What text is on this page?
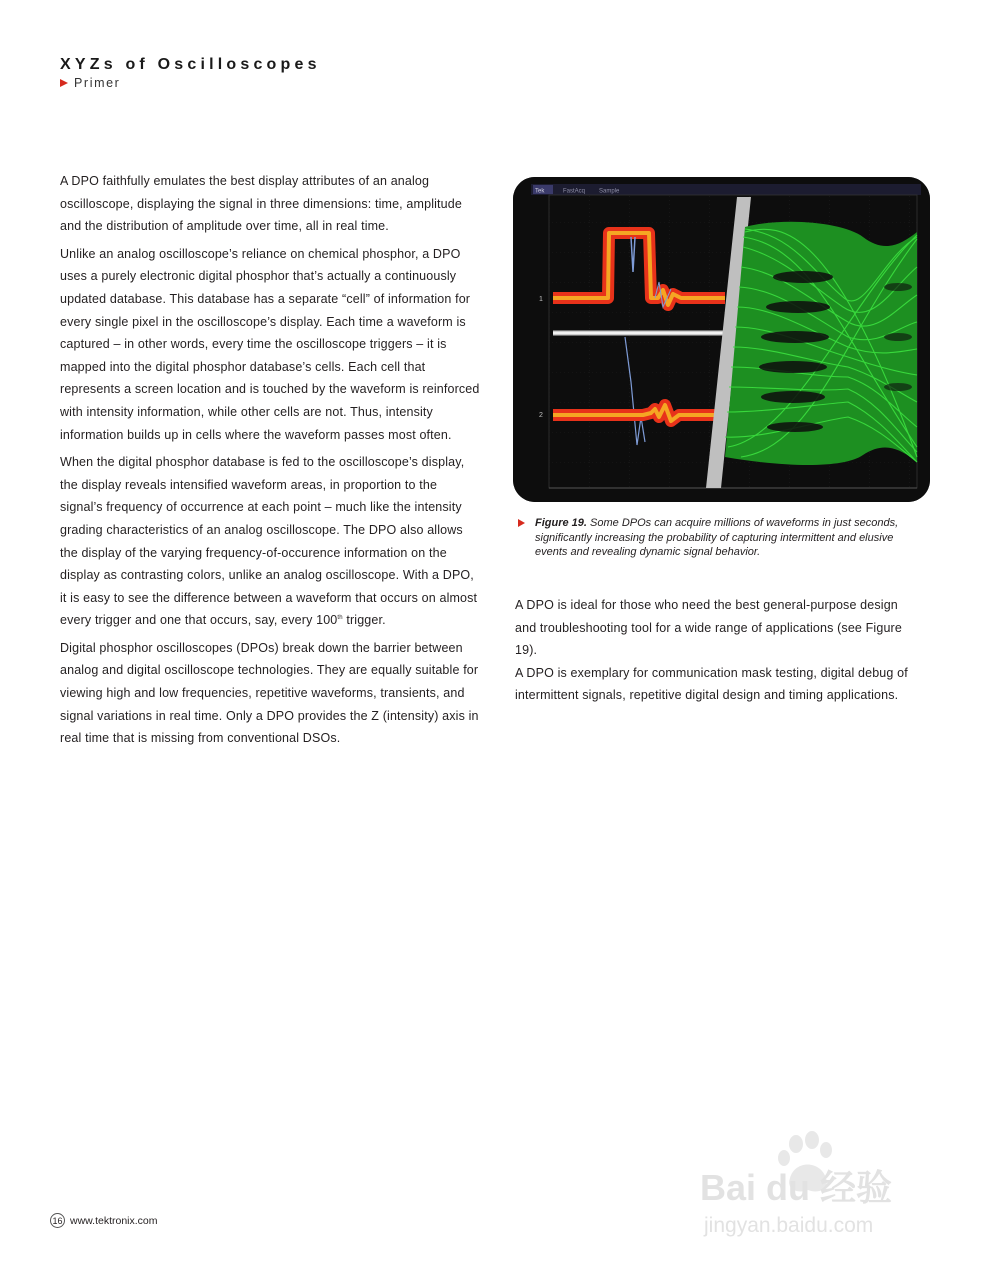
XYZs of Oscilloscopes
Primer

A DPO faithfully emulates the best display attributes of an analog oscilloscope, displaying the signal in three dimensions: time, amplitude and the distribution of amplitude over time, all in real time.

Unlike an analog oscilloscope’s reliance on chemical phosphor, a DPO uses a purely electronic digital phosphor that’s actually a continuously updated database. This database has a separate “cell” of information for every single pixel in the oscilloscope’s display. Each time a waveform is captured – in other words, every time the oscilloscope triggers – it is mapped into the digital phosphor database’s cells. Each cell that represents a screen location and is touched by the waveform is reinforced with intensity information, while other cells are not. Thus, intensity information builds up in cells where the waveform passes most often.

When the digital phosphor database is fed to the oscilloscope’s display, the display reveals intensified waveform areas, in proportion to the signal’s frequency of occurrence at each point – much like the intensity grading characteristics of an analog oscilloscope. The DPO also allows the display of the varying frequency-of-occurence information on the display as contrasting colors, unlike an analog oscilloscope. With a DPO, it is easy to see the difference between a waveform that occurs on almost every trigger and one that occurs, say, every 100th trigger.

Digital phosphor oscilloscopes (DPOs) break down the barrier between analog and digital oscilloscope technologies. They are equally suitable for viewing high and low frequencies, repetitive waveforms, transients, and signal variations in real time. Only a DPO provides the Z (intensity) axis in real time that is missing from conventional DSOs.

Tek	FastAcq Sample
1
2
Figure 19. Some DPOs can acquire millions of waveforms in just seconds, significantly increasing the probability of capturing intermittent and elusive events and revealing dynamic signal behavior.

A DPO is ideal for those who need the best general-purpose design and troubleshooting tool for a wide range of applications (see Figure 19).

A DPO is exemplary for communication mask testing, digital debug of intermittent signals, repetitive digital design and timing applications.

16 www.tektronix.com
Bai du 经验
jingyan.baidu.com
